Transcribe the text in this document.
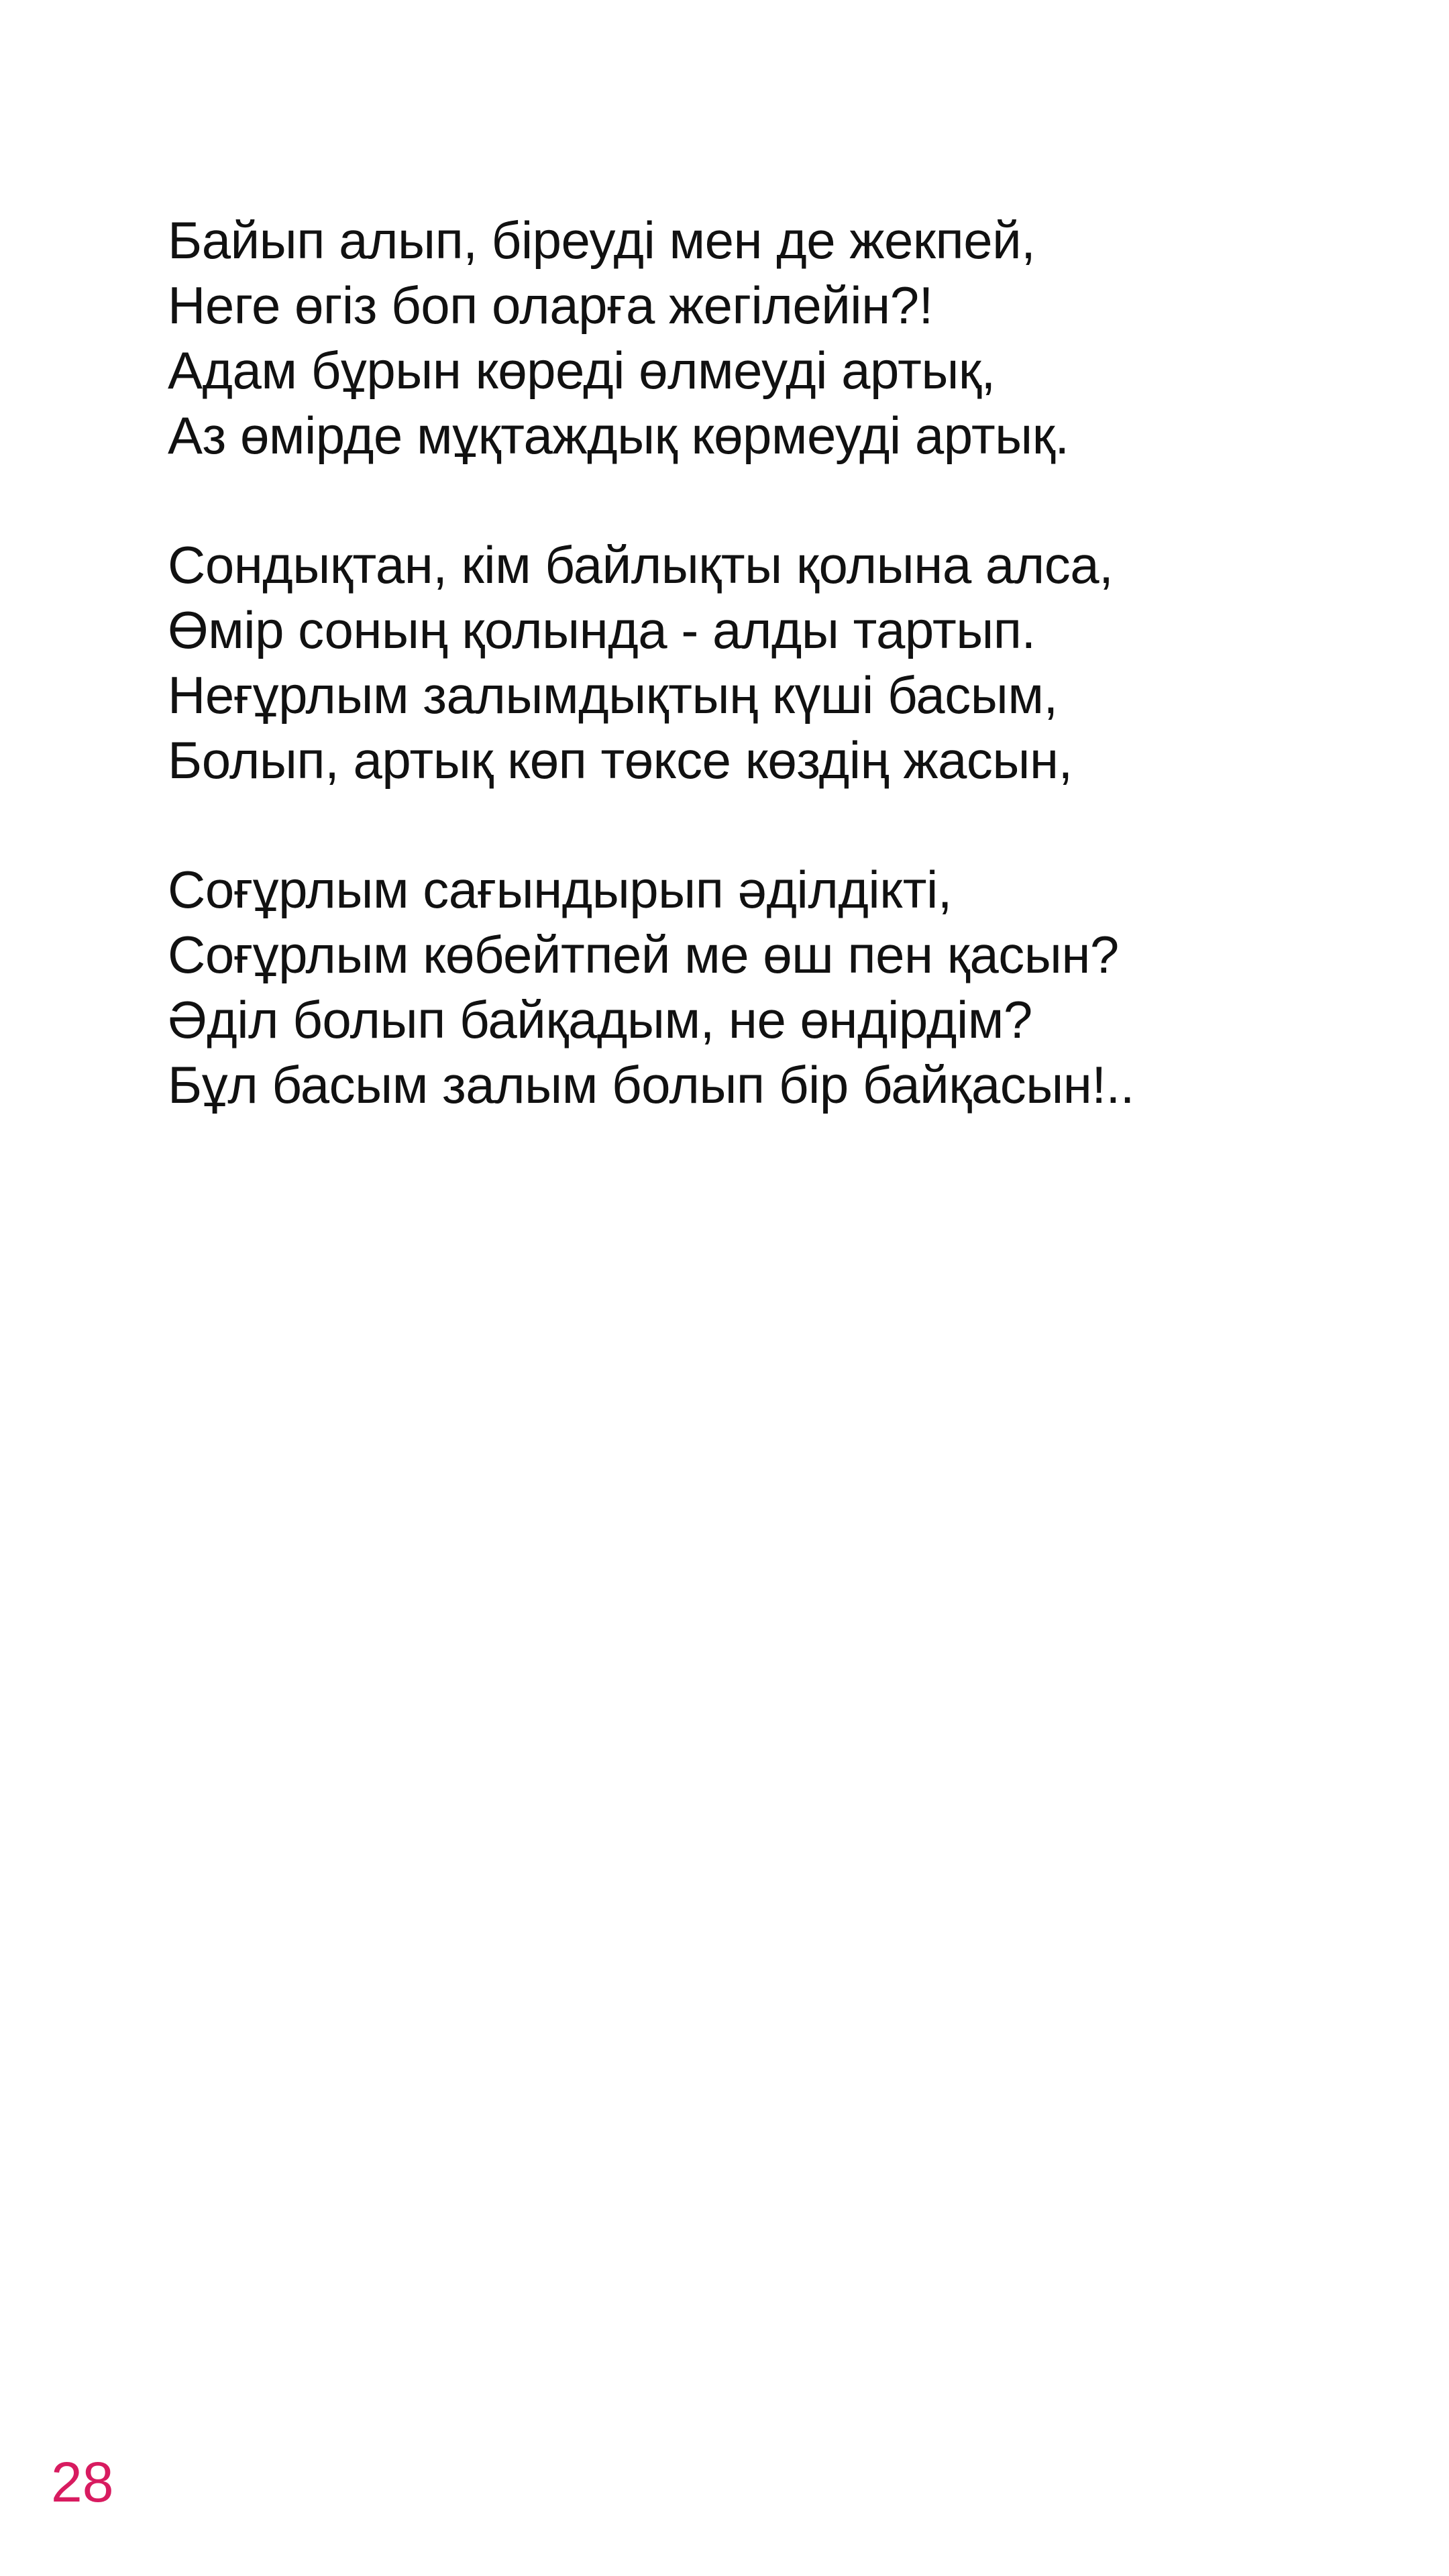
Байып алып, біреуді мен де жекпей,
Неге өгіз боп оларға жегілейін?!
Адам бұрын көреді өлмеуді артық,
Аз өмірде мұқтаждық көрмеуді артық.
Сондықтан, кім байлықты қолына алса,
Өмір соның қолында - алды тартып.
Неғұрлым залымдықтың күші басым,
Болып, артық көп төксе көздің жасын,
Соғұрлым сағындырып әділдікті,
Соғұрлым көбейтпей ме өш пен қасын?
Әділ болып байқадым, не өндірдім?
Бұл басым залым болып бір байқасын!..
28
